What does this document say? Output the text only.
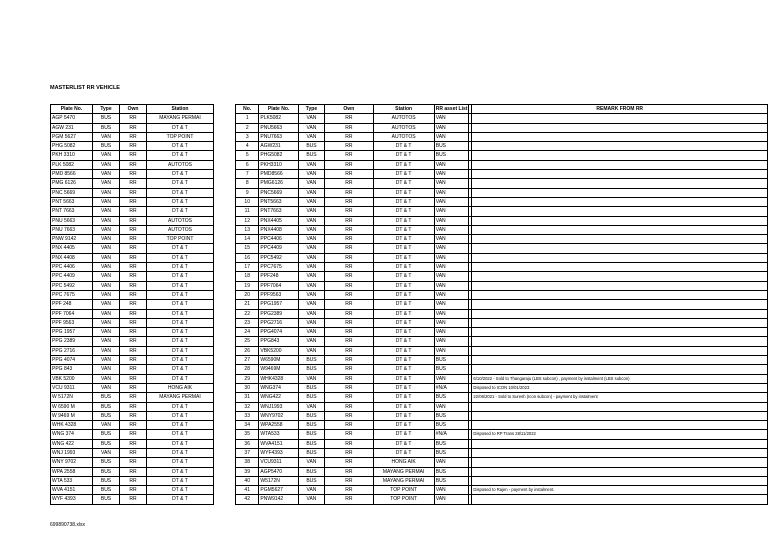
MASTERLIST RR VEHICLE
Plate No.	Type	Own	Station
AGP 5470	BUS	RR	MAYANG PERMAI
AGW 231	BUS	RR	DT & T
PGM 5627	VAN	RR	TOP POINT
PHG 5082	BUS	RR	DT & T
PKH 3310	VAN	RR	DT & T
PLK 5082	VAN	RR	AUTOTOS
PMD 8566	VAN	RR	DT & T
PMG 6126	VAN	RR	DT & T
PNC 5669	VAN	RR	DT & T
PNT 5663	VAN	RR	DT & T
PNT 7663	VAN	RR	DT & T
PNU 5663	VAN	RR	AUTOTOS
PNU 7663	VAN	RR	AUTOTOS
PNW 9142	VAN	RR	TOP POINT
PNX 4405	VAN	RR	DT & T
PNX 4408	VAN	RR	DT & T
PPC 4406	VAN	RR	DT & T
PPC 4409	VAN	RR	DT & T
PPC 5492	VAN	RR	DT & T
PPC 7675	VAN	RR	DT & T
PPF 248	VAN	RR	DT & T
PPF 7064	VAN	RR	DT & T
PPF 9563	VAN	RR	DT & T
PPG 1957	VAN	RR	DT & T
PPG 2389	VAN	RR	DT & T
PPG 2716	VAN	RR	DT & T
PPG 4074	VAN	RR	DT & T
PPG 843	VAN	RR	DT & T
VBK 5200	VAN	RR	DT & T
VCU 9311	VAN	RR	HONG AIK
W 5172N	BUS	RR	MAYANG PERMAI
W 6590 M	BUS	RR	DT & T
W 9469 M	BUS	RR	DT & T
WHK 4328	VAN	RR	DT & T
WNG 374	BUS	RR	DT & T
WNG 422	BUS	RR	DT & T
WNJ 1993	VAN	RR	DT & T
WNY 9702	BUS	RR	DT & T
WPA 2558	BUS	RR	DT & T
WTA 533	BUS	RR	DT & T
WVA 4151	BUS	RR	DT & T
WYF 4393	BUS	RR	DT & T
No.	Plate No.	Type	Own	Station	RR asset List		REMARK FROM RR
1	PLK5082	VAN	RR	AUTOTOS	VAN		
2	PNU5663	VAN	RR	AUTOTOS	VAN		
3	PNU7663	VAN	RR	AUTOTOS	VAN		
4	AGW231	BUS	RR	DT & T	BUS		
5	PHG5082	BUS	RR	DT & T	BUS		
6	PKH3310	VAN	RR	DT & T	VAN		
7	PMD8566	VAN	RR	DT & T	VAN		
8	PMG6126	VAN	RR	DT & T	VAN		
9	PNC5669	VAN	RR	DT & T	VAN		
10	PNT5663	VAN	RR	DT & T	VAN		
11	PNT7663	VAN	RR	DT & T	VAN		
12	PNX4405	VAN	RR	DT & T	VAN		
13	PNX4408	VAN	RR	DT & T	VAN		
14	PPC4406	VAN	RR	DT & T	VAN		
15	PPC4409	VAN	RR	DT & T	VAN		
16	PPC5492	VAN	RR	DT & T	VAN		
17	PPC7675	VAN	RR	DT & T	VAN		
18	PPF248	VAN	RR	DT & T	VAN		
19	PPF7064	VAN	RR	DT & T	VAN		
20	PPF9563	VAN	RR	DT & T	VAN		
21	PPG1957	VAN	RR	DT & T	VAN		
22	PPG2389	VAN	RR	DT & T	VAN		
23	PPG2716	VAN	RR	DT & T	VAN		
24	PPG4074	VAN	RR	DT & T	VAN		
25	PPG843	VAN	RR	DT & T	VAN		
26	VBK5200	VAN	RR	DT & T	VAN		
27	W6590M	BUS	RR	DT & T	BUS		
28	W9469M	BUS	RR	DT & T	BUS		
29	WHK4328	VAN	RR	DT & T	VAN		6/10/2022 - Sold to Thangaraju (LBS subcon) , payment by instalment (LBS subcon)
30	WNG374	BUS	RR	DT & T	#N/A		Disposed to ICON 10/01/2023
31	WNG422	BUS	RR	DT & T	BUS		22/06/2021 - Sold to Suresh (Icon subcon) - payment by instalment
32	WNJ1993	VAN	RR	DT & T	VAN		
33	WNY9702	BUS	RR	DT & T	BUS		
34	WPA2558	BUS	RR	DT & T	BUS		
35	WTA533	BUS	RR	DT & T	#N/A		Disposed to RP Trans 28/11/2022
36	WVA4151	BUS	RR	DT & T	BUS		
37	WYF4393	BUS	RR	DT & T	BUS		
38	VCU9311	VAN	RR	HONG AIK	VAN		
39	AGP5470	BUS	RR	MAYANG PERMAI	BUS		
40	W5172N	BUS	RR	MAYANG PERMAI	BUS		
41	PGM5627	VAN	RR	TOP POINT	VAN		Disposed to Rajen - payment by instalment.
42	PNW9142	VAN	RR	TOP POINT	VAN		
699890738.xlsx
